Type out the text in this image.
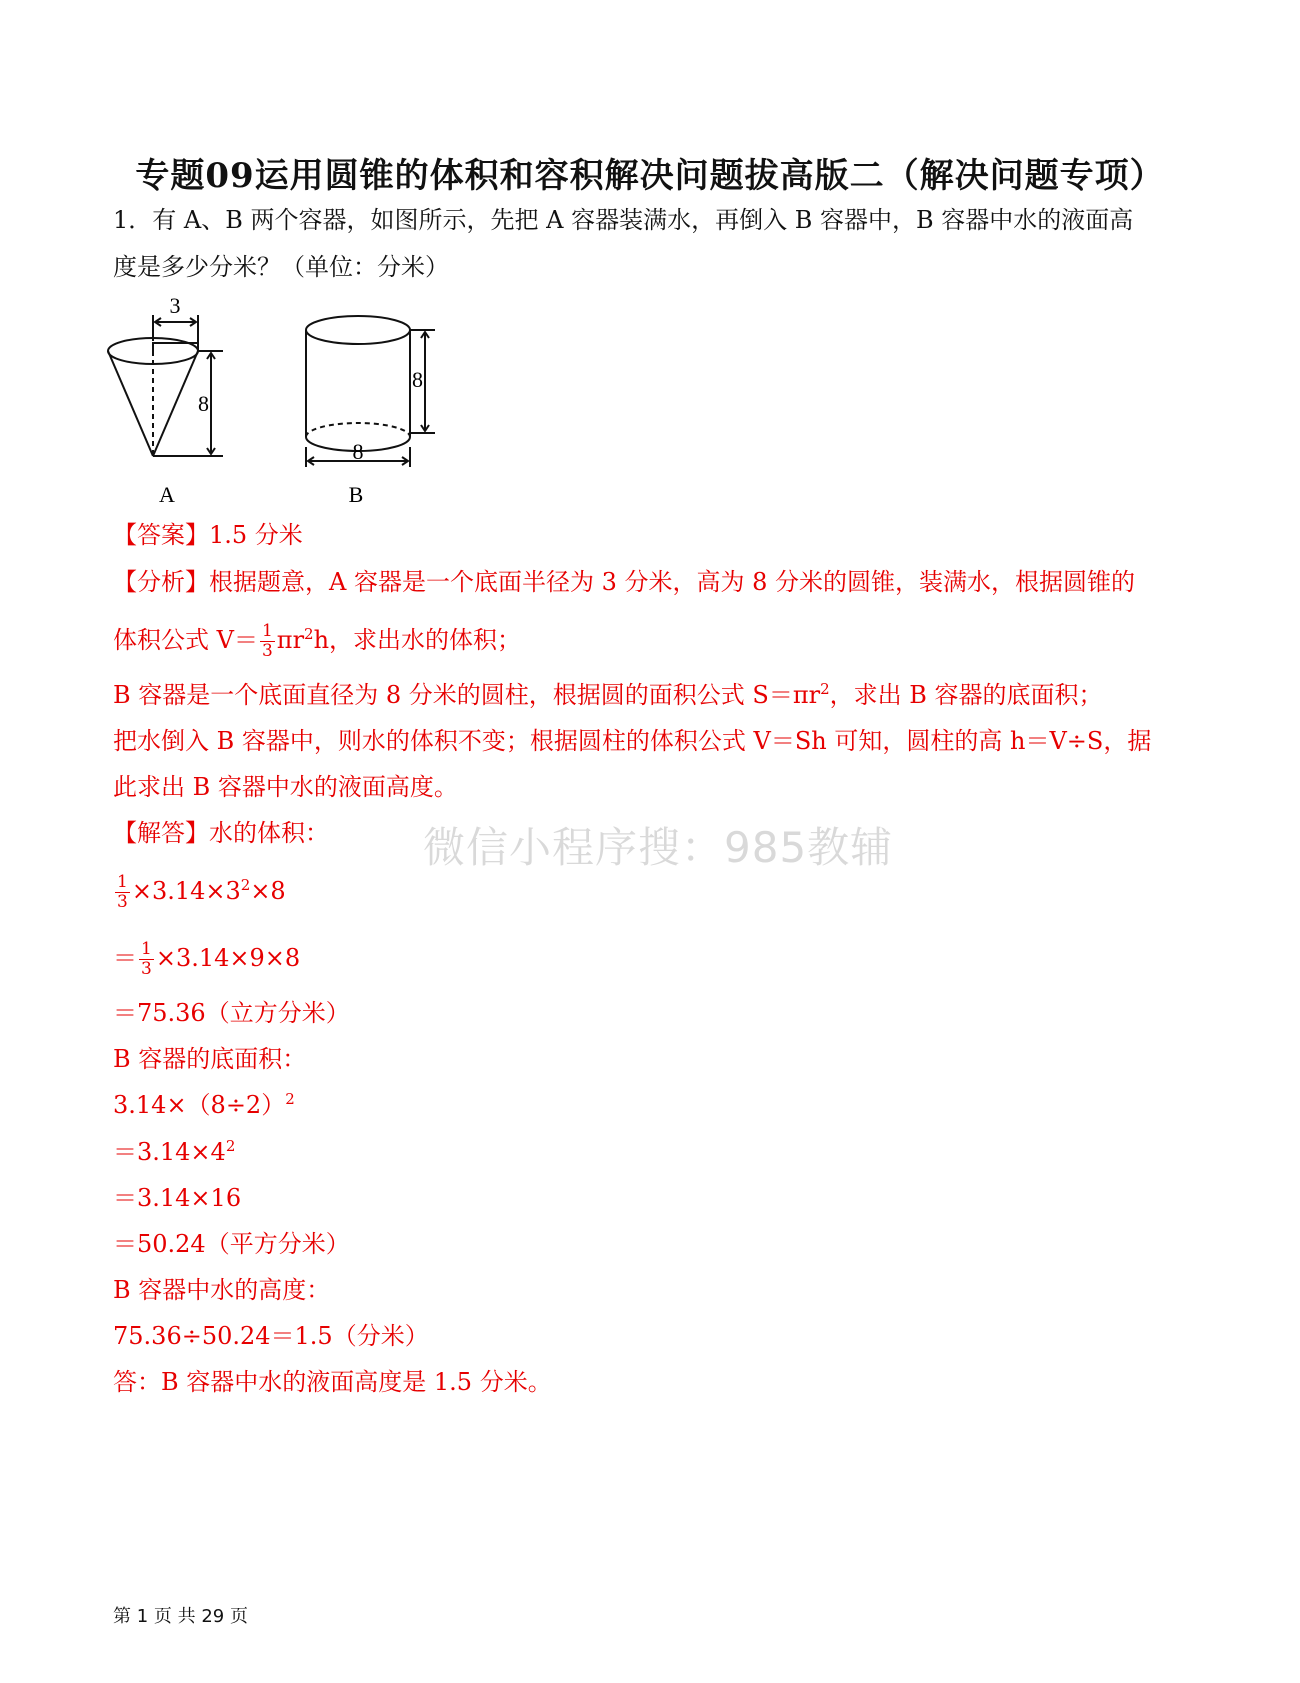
专题09运用圆锥的体积和容积解决问题拔高版二（解决问题专项）
1．有 A、B 两个容器，如图所示，先把 A 容器装满水，再倒入 B 容器中，B 容器中水的液面高
度是多少分米？（单位：分米）
3
8
A
8
8
B
【答案】1.5 分米
【分析】根据题意，A 容器是一个底面半径为 3 分米，高为 8 分米的圆锥，装满水，根据圆锥的
体积公式 $V= \frac{1}{3} \pi r^2h$，求出水的体积；
B 容器是一个底面直径为 8 分米的圆柱，根据圆的面积公式 $S=\pi r^2$，求出 B 容器的底面积；
把水倒入 B 容器中，则水的体积不变；根据圆柱的体积公式 V＝Sh 可知，圆柱的高 h＝V÷S，据
此求出 B 容器中水的液面高度。
【解答】水的体积：
$\frac{1}{3} \times 3.14\times 3^2\times 8$
＝ $\frac{1}{3} \times 3.14\times 9\times 8$
＝75.36（立方分米）
B 容器的底面积：
$3.14\times(8\div 2)^2$
$=3.14\times 4^2$
＝3.14×16
＝50.24（平方分米）
B 容器中水的高度：
75.36÷50.24＝1.5（分米）
答：B 容器中水的液面高度是 1.5 分米。
微信小程序搜：985教辅
第 1 页 共 29 页
